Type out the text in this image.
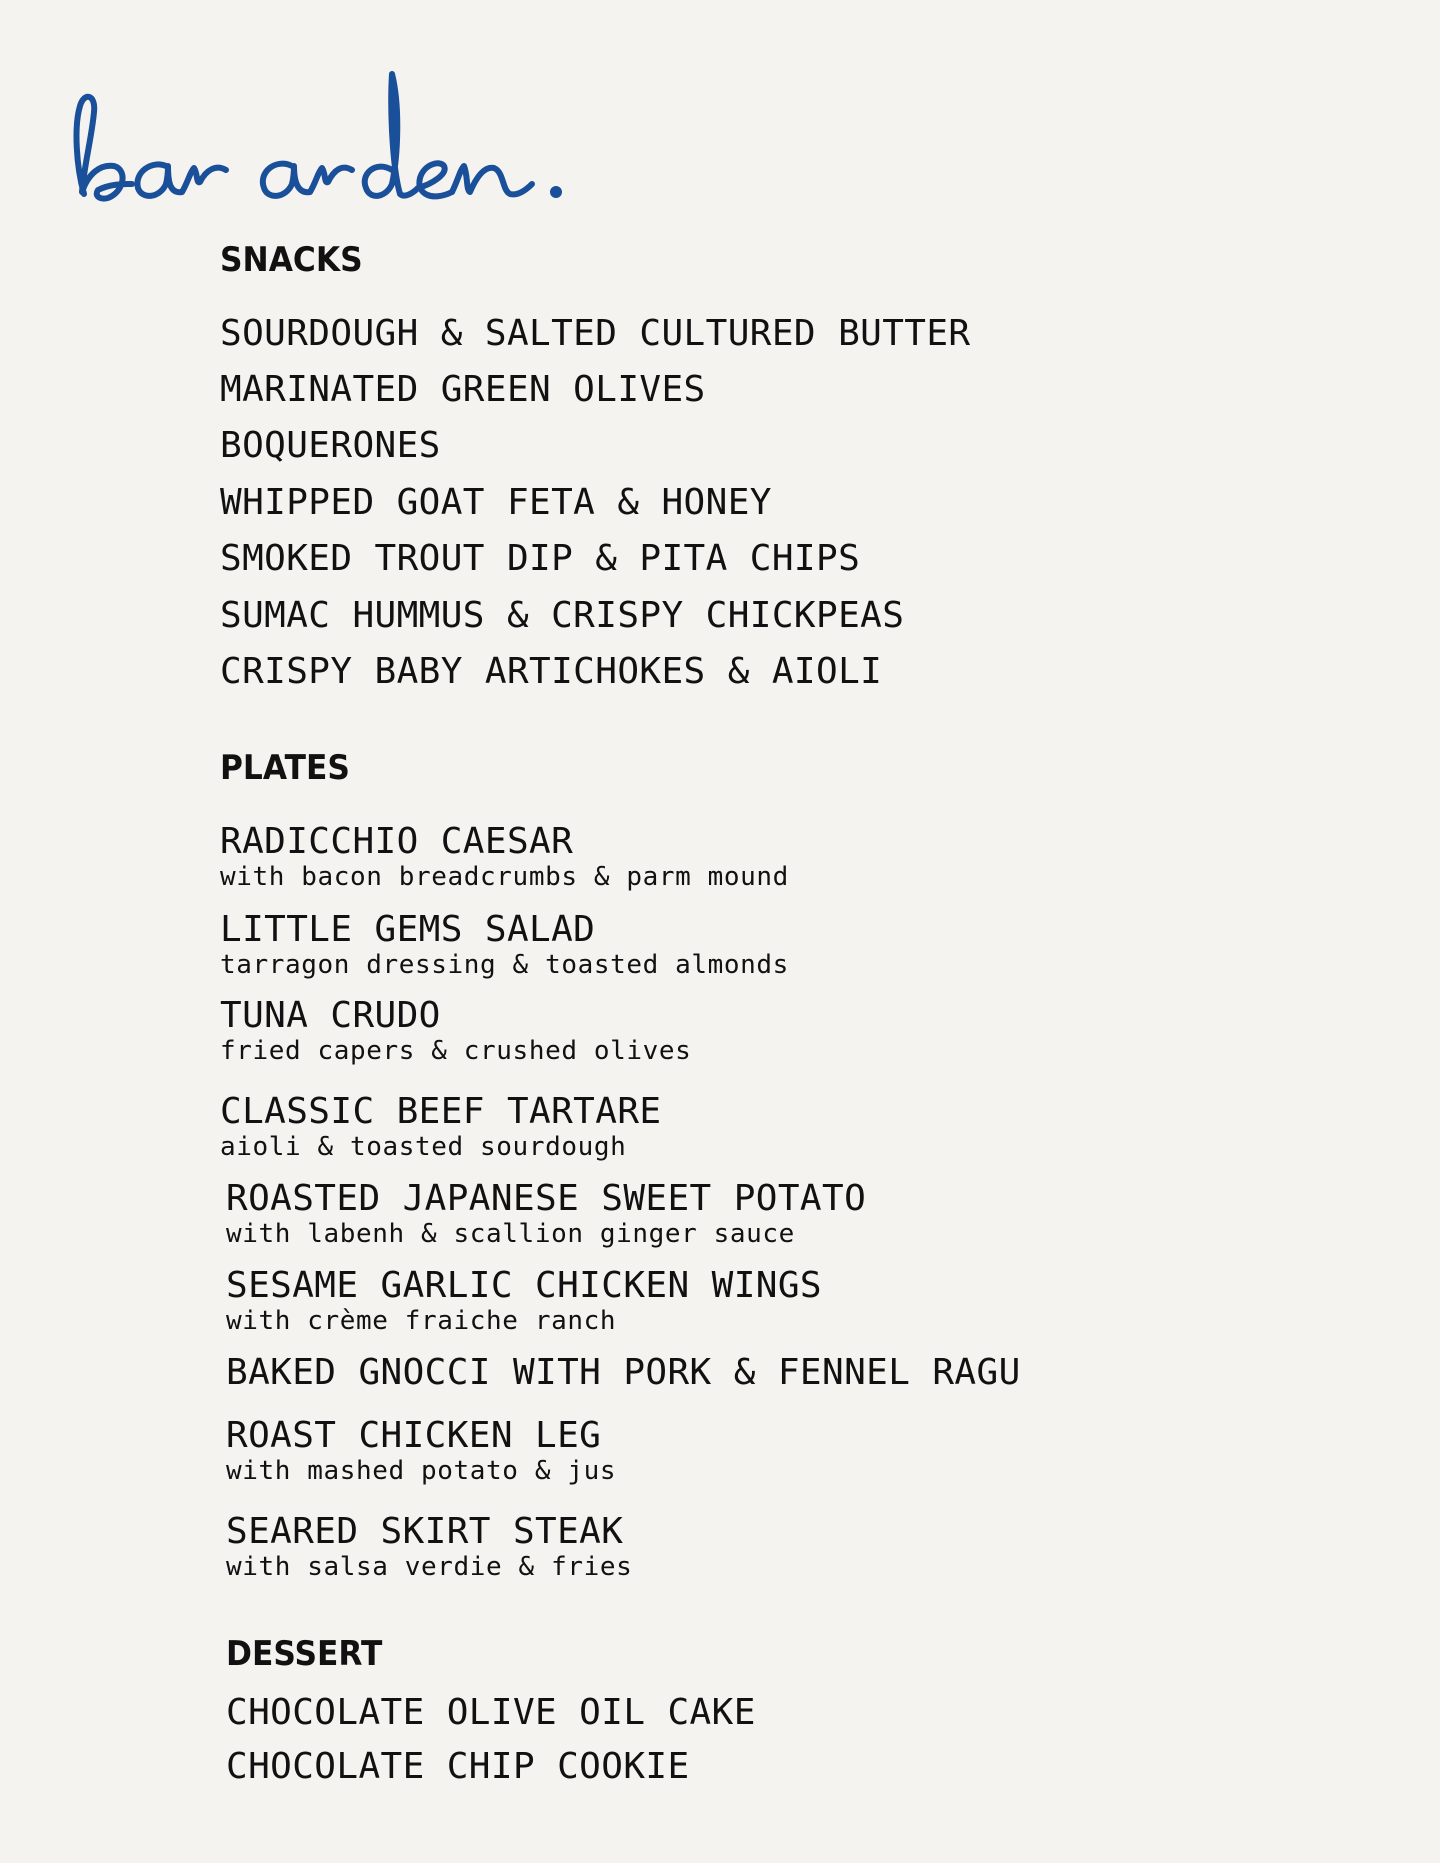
SNACKS
SOURDOUGH & SALTED CULTURED BUTTER
MARINATED GREEN OLIVES
BOQUERONES
WHIPPED GOAT FETA & HONEY
SMOKED TROUT DIP & PITA CHIPS
SUMAC HUMMUS & CRISPY CHICKPEAS
CRISPY BABY ARTICHOKES & AIOLI
PLATES
RADICCHIO CAESAR
with bacon breadcrumbs & parm mound
LITTLE GEMS SALAD
tarragon dressing & toasted almonds
TUNA CRUDO
fried capers & crushed olives
CLASSIC BEEF TARTARE
aioli & toasted sourdough
ROASTED JAPANESE SWEET POTATO
with labenh & scallion ginger sauce
SESAME GARLIC CHICKEN WINGS
with crème fraiche ranch
BAKED GNOCCI WITH PORK & FENNEL RAGU
ROAST CHICKEN LEG
with mashed potato & jus
SEARED SKIRT STEAK
with salsa verdie & fries
DESSERT
CHOCOLATE OLIVE OIL CAKE
CHOCOLATE CHIP COOKIE
